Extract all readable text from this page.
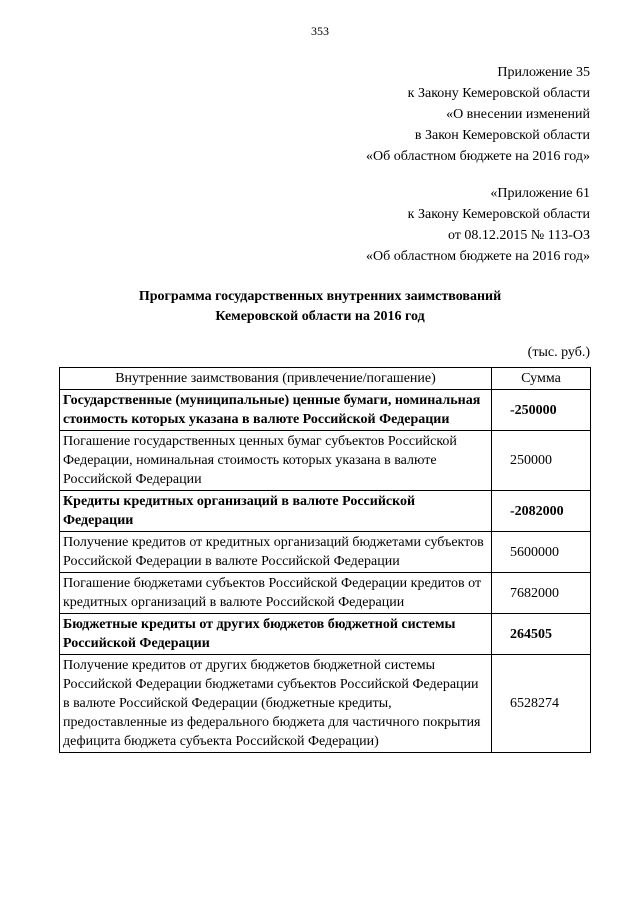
353
Приложение 35
к Закону Кемеровской области
«О внесении изменений
в Закон Кемеровской области
«Об областном бюджете на 2016 год»
«Приложение 61
к Закону Кемеровской области
от 08.12.2015 № 113-ОЗ
«Об областном бюджете на 2016 год»
Программа государственных внутренних заимствований
Кемеровской области на 2016 год
(тыс. руб.)
Внутренние заимствования (привлечение/погашение)	Сумма
Государственные (муниципальные) ценные бумаги, номинальная стоимость которых указана в валюте Российской Федерации	-250000
Погашение государственных ценных бумаг субъектов Российской Федерации, номинальная стоимость которых указана в валюте Российской Федерации	250000
Кредиты кредитных организаций в валюте Российской Федерации	-2082000
Получение кредитов от кредитных организаций бюджетами субъектов Российской Федерации в валюте Российской Федерации	5600000
Погашение бюджетами субъектов Российской Федерации кредитов от кредитных организаций в валюте Российской Федерации	7682000
Бюджетные кредиты от других бюджетов бюджетной системы Российской Федерации	264505
Получение кредитов от других бюджетов бюджетной системы Российской Федерации бюджетами субъектов Российской Федерации в валюте Российской Федерации (бюджетные кредиты, предоставленные из федерального бюджета для частичного покрытия дефицита бюджета субъекта Российской Федерации)	6528274
